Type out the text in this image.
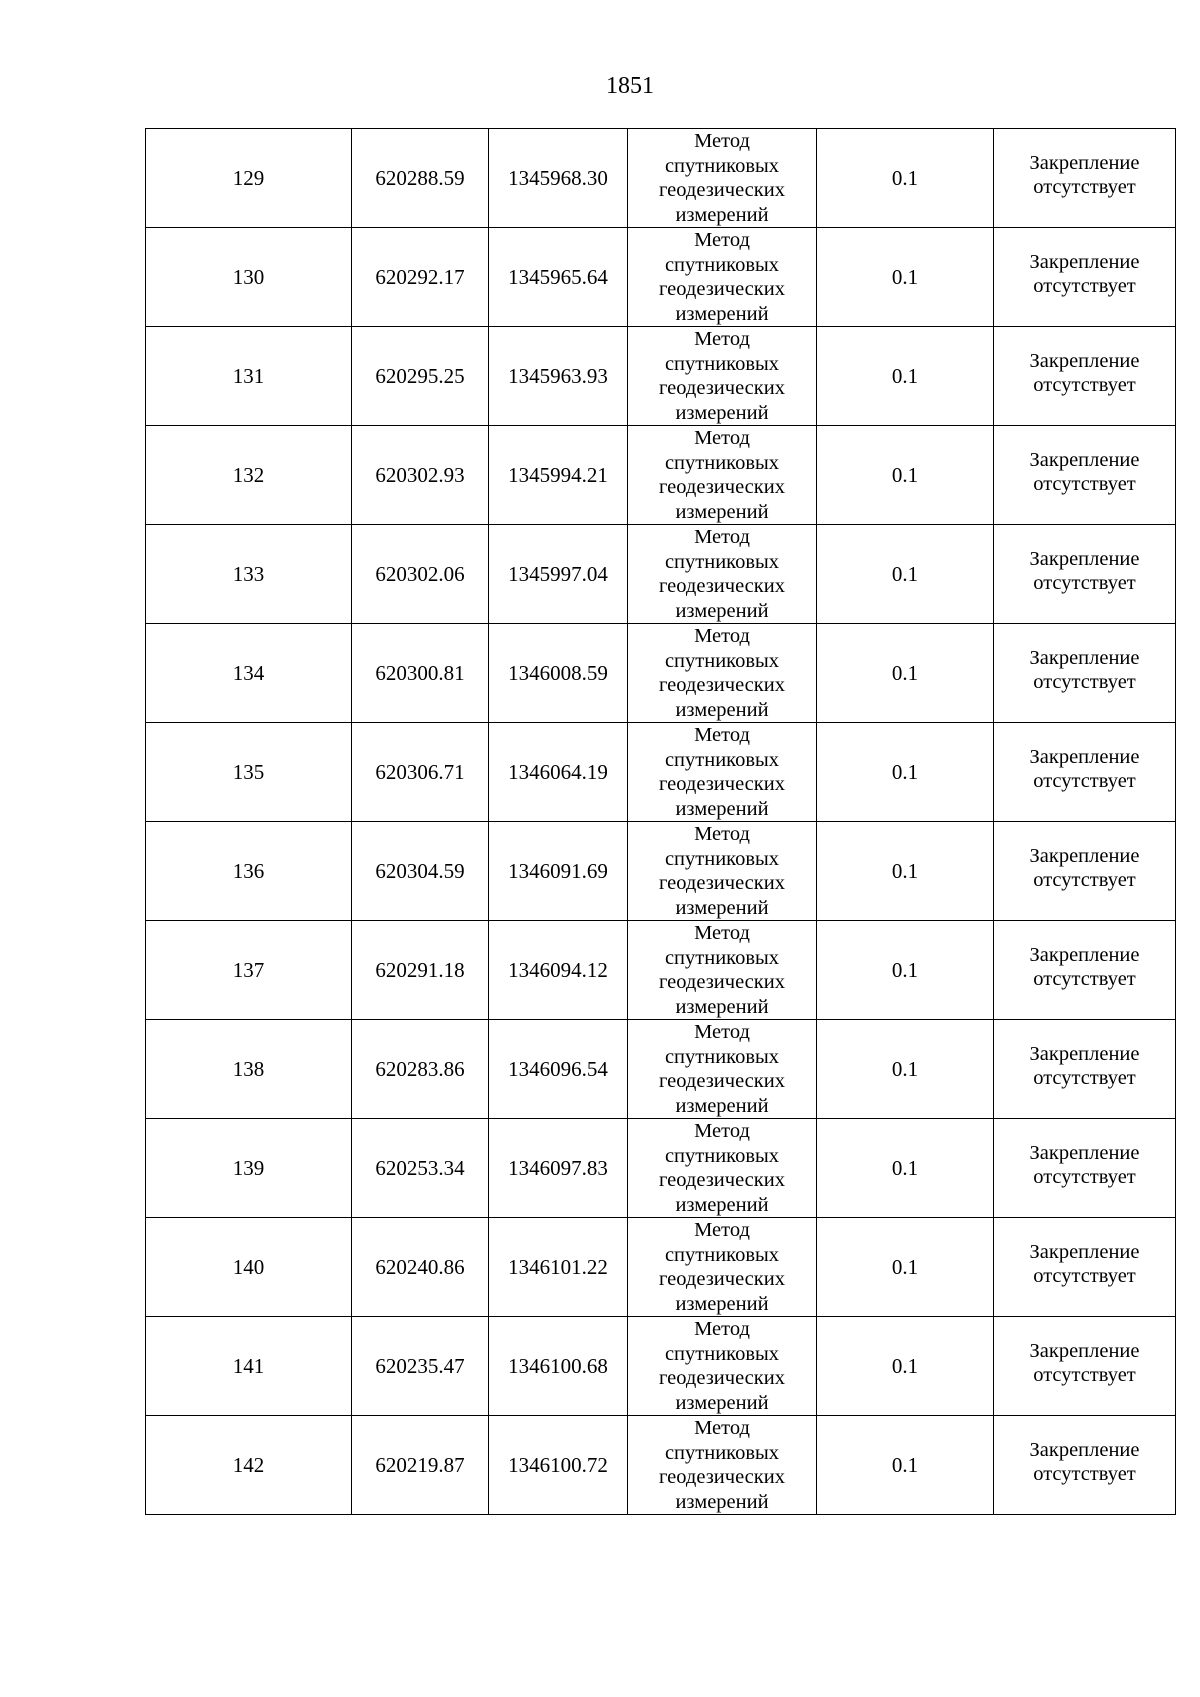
1851
129	620288.59	1345968.30	Метод
спутниковых
геодезических
измерений	0.1	Закрепление
отсутствует

130	620292.17	1345965.64	Метод
спутниковых
геодезических
измерений	0.1	Закрепление
отсутствует

131	620295.25	1345963.93	Метод
спутниковых
геодезических
измерений	0.1	Закрепление
отсутствует

132	620302.93	1345994.21	Метод
спутниковых
геодезических
измерений	0.1	Закрепление
отсутствует

133	620302.06	1345997.04	Метод
спутниковых
геодезических
измерений	0.1	Закрепление
отсутствует

134	620300.81	1346008.59	Метод
спутниковых
геодезических
измерений	0.1	Закрепление
отсутствует

135	620306.71	1346064.19	Метод
спутниковых
геодезических
измерений	0.1	Закрепление
отсутствует

136	620304.59	1346091.69	Метод
спутниковых
геодезических
измерений	0.1	Закрепление
отсутствует

137	620291.18	1346094.12	Метод
спутниковых
геодезических
измерений	0.1	Закрепление
отсутствует

138	620283.86	1346096.54	Метод
спутниковых
геодезических
измерений	0.1	Закрепление
отсутствует

139	620253.34	1346097.83	Метод
спутниковых
геодезических
измерений	0.1	Закрепление
отсутствует

140	620240.86	1346101.22	Метод
спутниковых
геодезических
измерений	0.1	Закрепление
отсутствует

141	620235.47	1346100.68	Метод
спутниковых
геодезических
измерений	0.1	Закрепление
отсутствует

142	620219.87	1346100.72	Метод
спутниковых
геодезических
измерений	0.1	Закрепление
отсутствует
